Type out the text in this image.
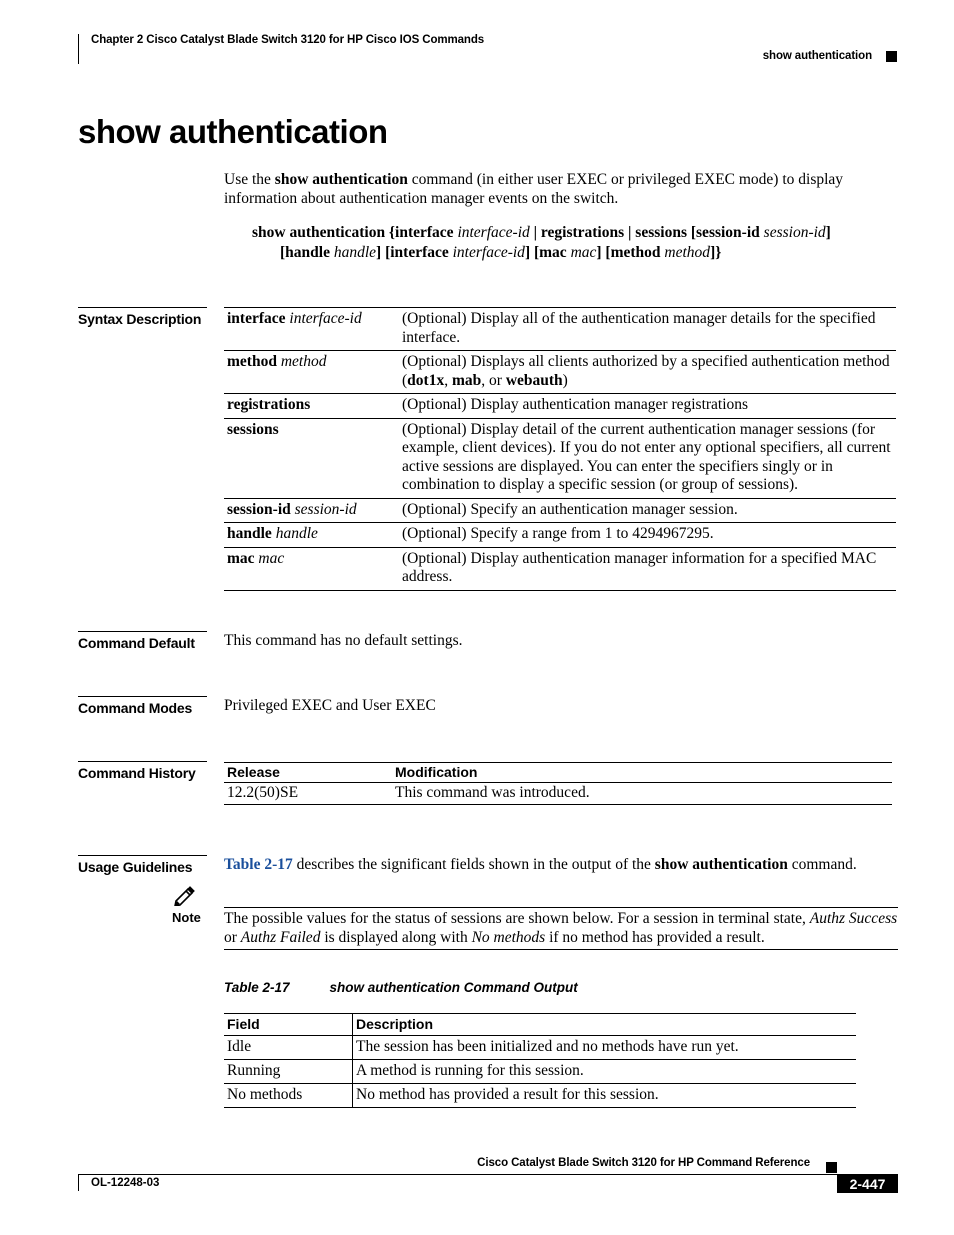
Chapter 2 Cisco Catalyst Blade Switch 3120 for HP Cisco IOS Commands
show authentication
show authentication
Use the show authentication command (in either user EXEC or privileged EXEC mode) to display information about authentication manager events on the switch.
show authentication {interface interface-id | registrations | sessions [session-id session-id]
[handle handle] [interface interface-id] [mac mac] [method method]}
Syntax Description	interface interface-id	(Optional) Display all of the authentication manager details for the specified interface.
method method	(Optional) Displays all clients authorized by a specified authentication method (dot1x, mab, or webauth)
registrations	(Optional) Display authentication manager registrations
sessions	(Optional) Display detail of the current authentication manager sessions (for example, client devices). If you do not enter any optional specifiers, all current active sessions are displayed. You can enter the specifiers singly or in combination to display a specific session (or group of sessions).
session-id session-id	(Optional) Specify an authentication manager session.
handle handle	(Optional) Specify a range from 1 to 4294967295.
mac mac	(Optional) Display authentication manager information for a specified MAC address.
Command Default	This command has no default settings.
Command Modes	Privileged EXEC and User EXEC
Command History	Release	Modification
12.2(50)SE	This command was introduced.
Usage Guidelines	Table 2-17 describes the significant fields shown in the output of the show authentication command.
Note The possible values for the status of sessions are shown below. For a session in terminal state, Authz Success or Authz Failed is displayed along with No methods if no method has provided a result.
Table 2-17	show authentication Command Output
Field	Description
Idle	The session has been initialized and no methods have run yet.
Running	A method is running for this session.
No methods	No method has provided a result for this session.
Cisco Catalyst Blade Switch 3120 for HP Command Reference
OL-12248-03	2-447
